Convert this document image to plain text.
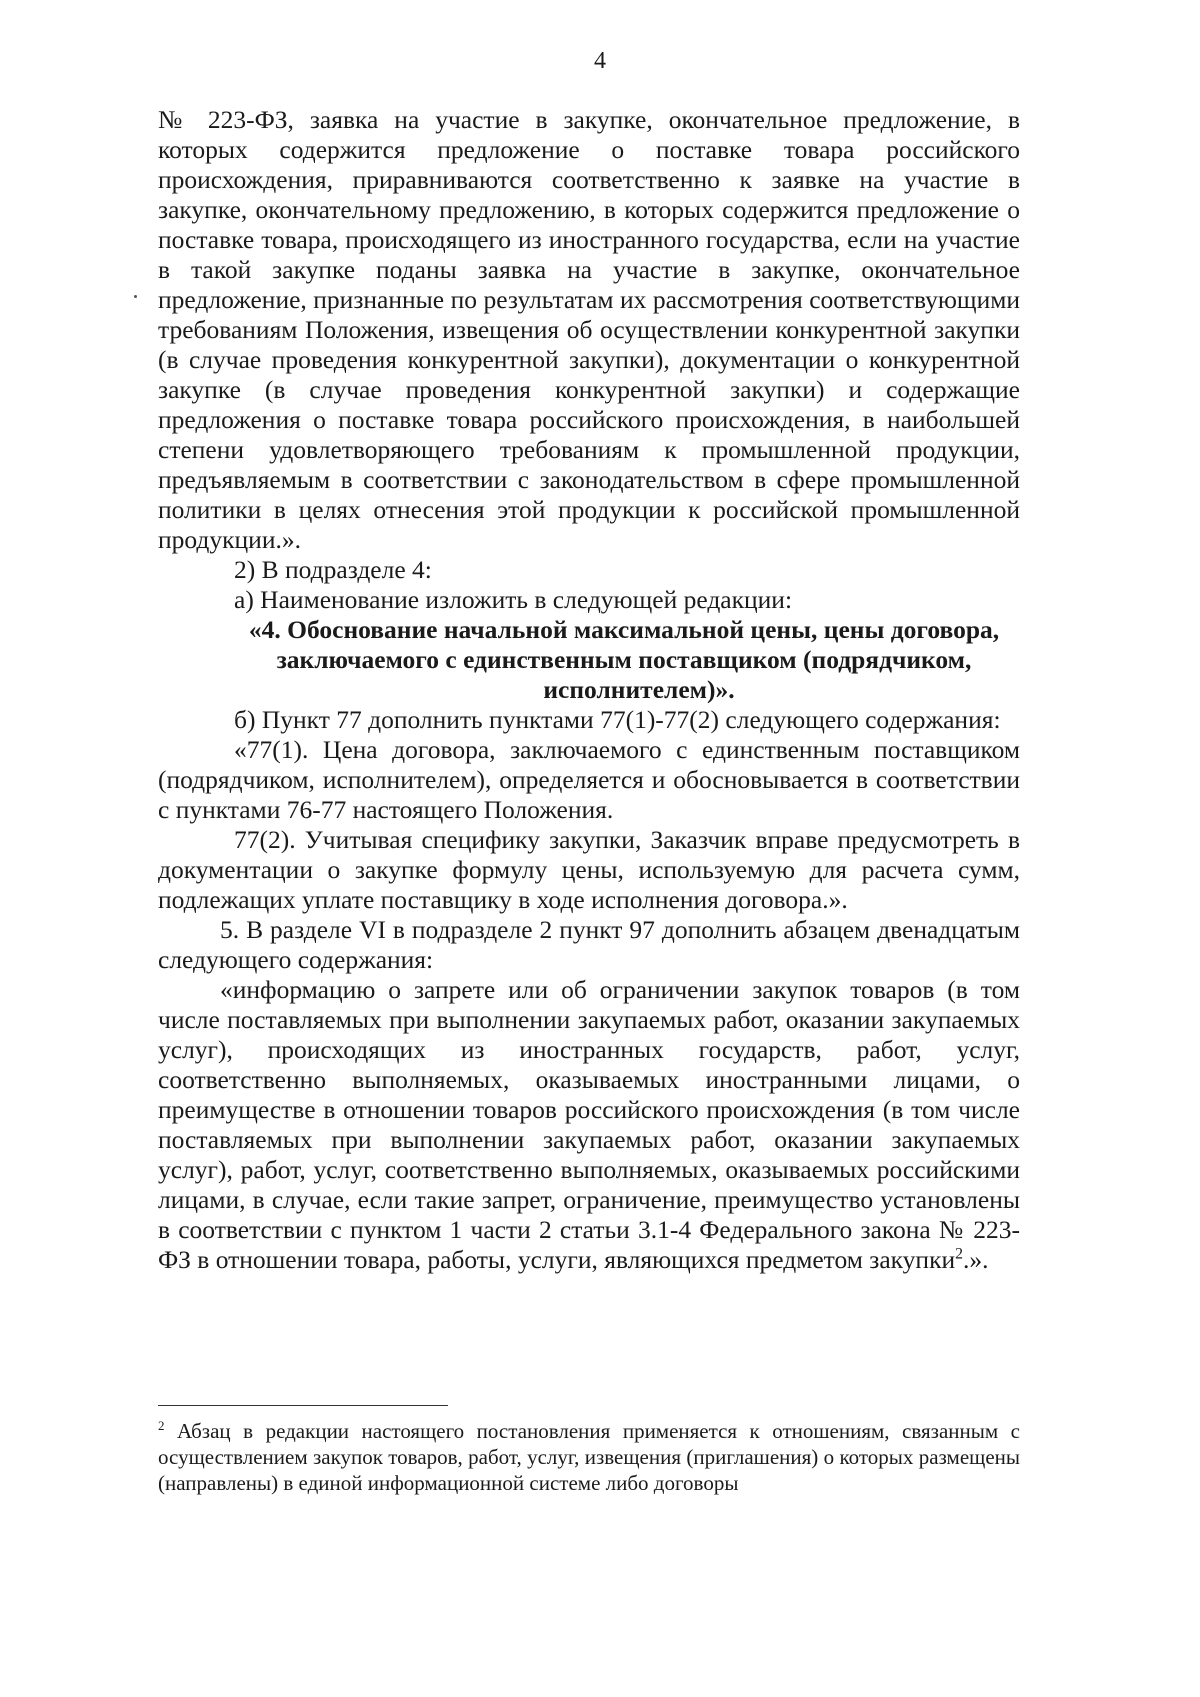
4

№ 223-ФЗ, заявка на участие в закупке, окончательное предложение, в которых содержится предложение о поставке товара российского происхождения, приравниваются соответственно к заявке на участие в закупке, окончательному предложению, в которых содержится предложение о поставке товара, происходящего из иностранного государства, если на участие в такой закупке поданы заявка на участие в закупке, окончательное предложение, признанные по результатам их рассмотрения соответствующими требованиям Положения, извещения об осуществлении конкурентной закупки (в случае проведения конкурентной закупки), документации о конкурентной закупке (в случае проведения конкурентной закупки) и содержащие предложения о поставке товара российского происхождения, в наибольшей степени удовлетворяющего требованиям к промышленной продукции, предъявляемым в соответствии с законодательством в сфере промышленной политики в целях отнесения этой продукции к российской промышленной продукции.».

2) В подразделе 4:

а) Наименование изложить в следующей редакции:

«4. Обоснование начальной максимальной цены, цены договора,
заключаемого с единственным поставщиком (подрядчиком,
исполнителем)».

б) Пункт 77 дополнить пунктами 77(1)-77(2) следующего содержания:

«77(1). Цена договора, заключаемого с единственным поставщиком (подрядчиком, исполнителем), определяется и обосновывается в соответствии с пунктами 76-77 настоящего Положения.

77(2). Учитывая специфику закупки, Заказчик вправе предусмотреть в документации о закупке формулу цены, используемую для расчета сумм, подлежащих уплате поставщику в ходе исполнения договора.».

5. В разделе VI в подразделе 2 пункт 97 дополнить абзацем двенадцатым следующего содержания:

«информацию о запрете или об ограничении закупок товаров (в том числе поставляемых при выполнении закупаемых работ, оказании закупаемых услуг), происходящих из иностранных государств, работ, услуг, соответственно выполняемых, оказываемых иностранными лицами, о преимуществе в отношении товаров российского происхождения (в том числе поставляемых при выполнении закупаемых работ, оказании закупаемых услуг), работ, услуг, соответственно выполняемых, оказываемых российскими лицами, в случае, если такие запрет, ограничение, преимущество установлены в соответствии с пунктом 1 части 2 статьи 3.1-4 Федерального закона № 223-ФЗ в отношении товара, работы, услуги, являющихся предметом закупки$^2$.».

$^2$ Абзац в редакции настоящего постановления применяется к отношениям, связанным с осуществлением закупок товаров, работ, услуг, извещения (приглашения) о которых размещены (направлены) в единой информационной системе либо договоры
